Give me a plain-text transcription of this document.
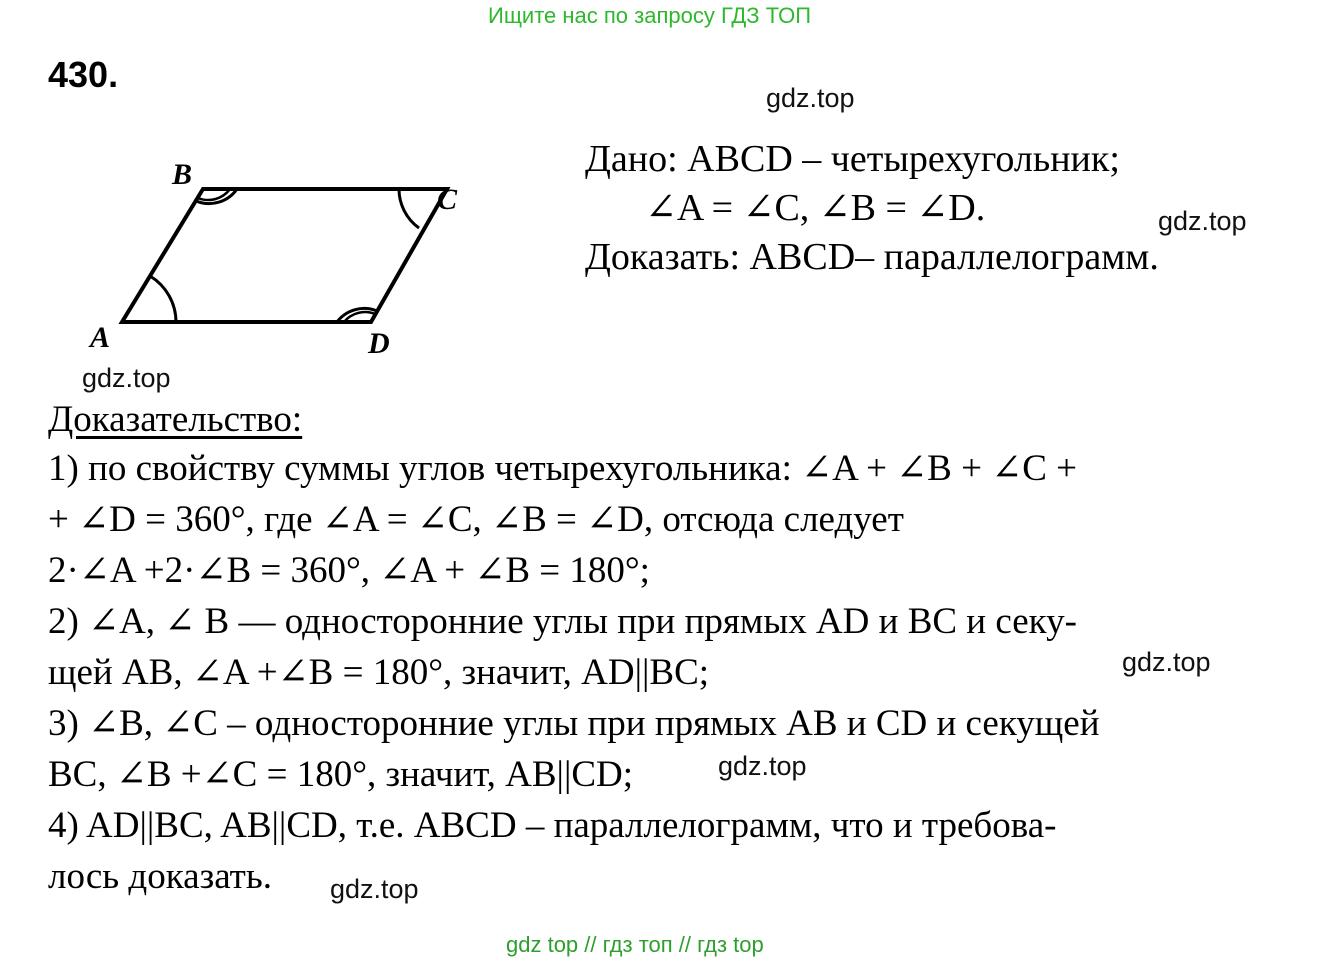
Ищите нас по запросу ГДЗ ТОП
430.
gdz.top
gdz.top
gdz.top
gdz.top
gdz.top
gdz.top
Дано: ABCD – четырехугольник;
∠A = ∠C, ∠B = ∠D.
Доказать: ABCD– параллелограмм.
B
C
A	D
Доказательство:
1) по свойству суммы углов четырехугольника: ∠A + ∠B + ∠C +
+ ∠D = 360°, где ∠A = ∠C, ∠B = ∠D, отсюда следует
2·∠A +2·∠B = 360°, ∠A + ∠B = 180°;
2) ∠A, ∠ B — односторонние углы при прямых AD и BC и секу-
щей AB, ∠A +∠B = 180°, значит, AD||BC;
3) ∠B, ∠C – односторонние углы при прямых AB и CD и секущей
BC, ∠B +∠C = 180°, значит, AB||CD;
4) AD||BC, AB||CD, т.е. ABCD – параллелограмм, что и требова-
лось доказать.
gdz top // гдз топ // гдз top
